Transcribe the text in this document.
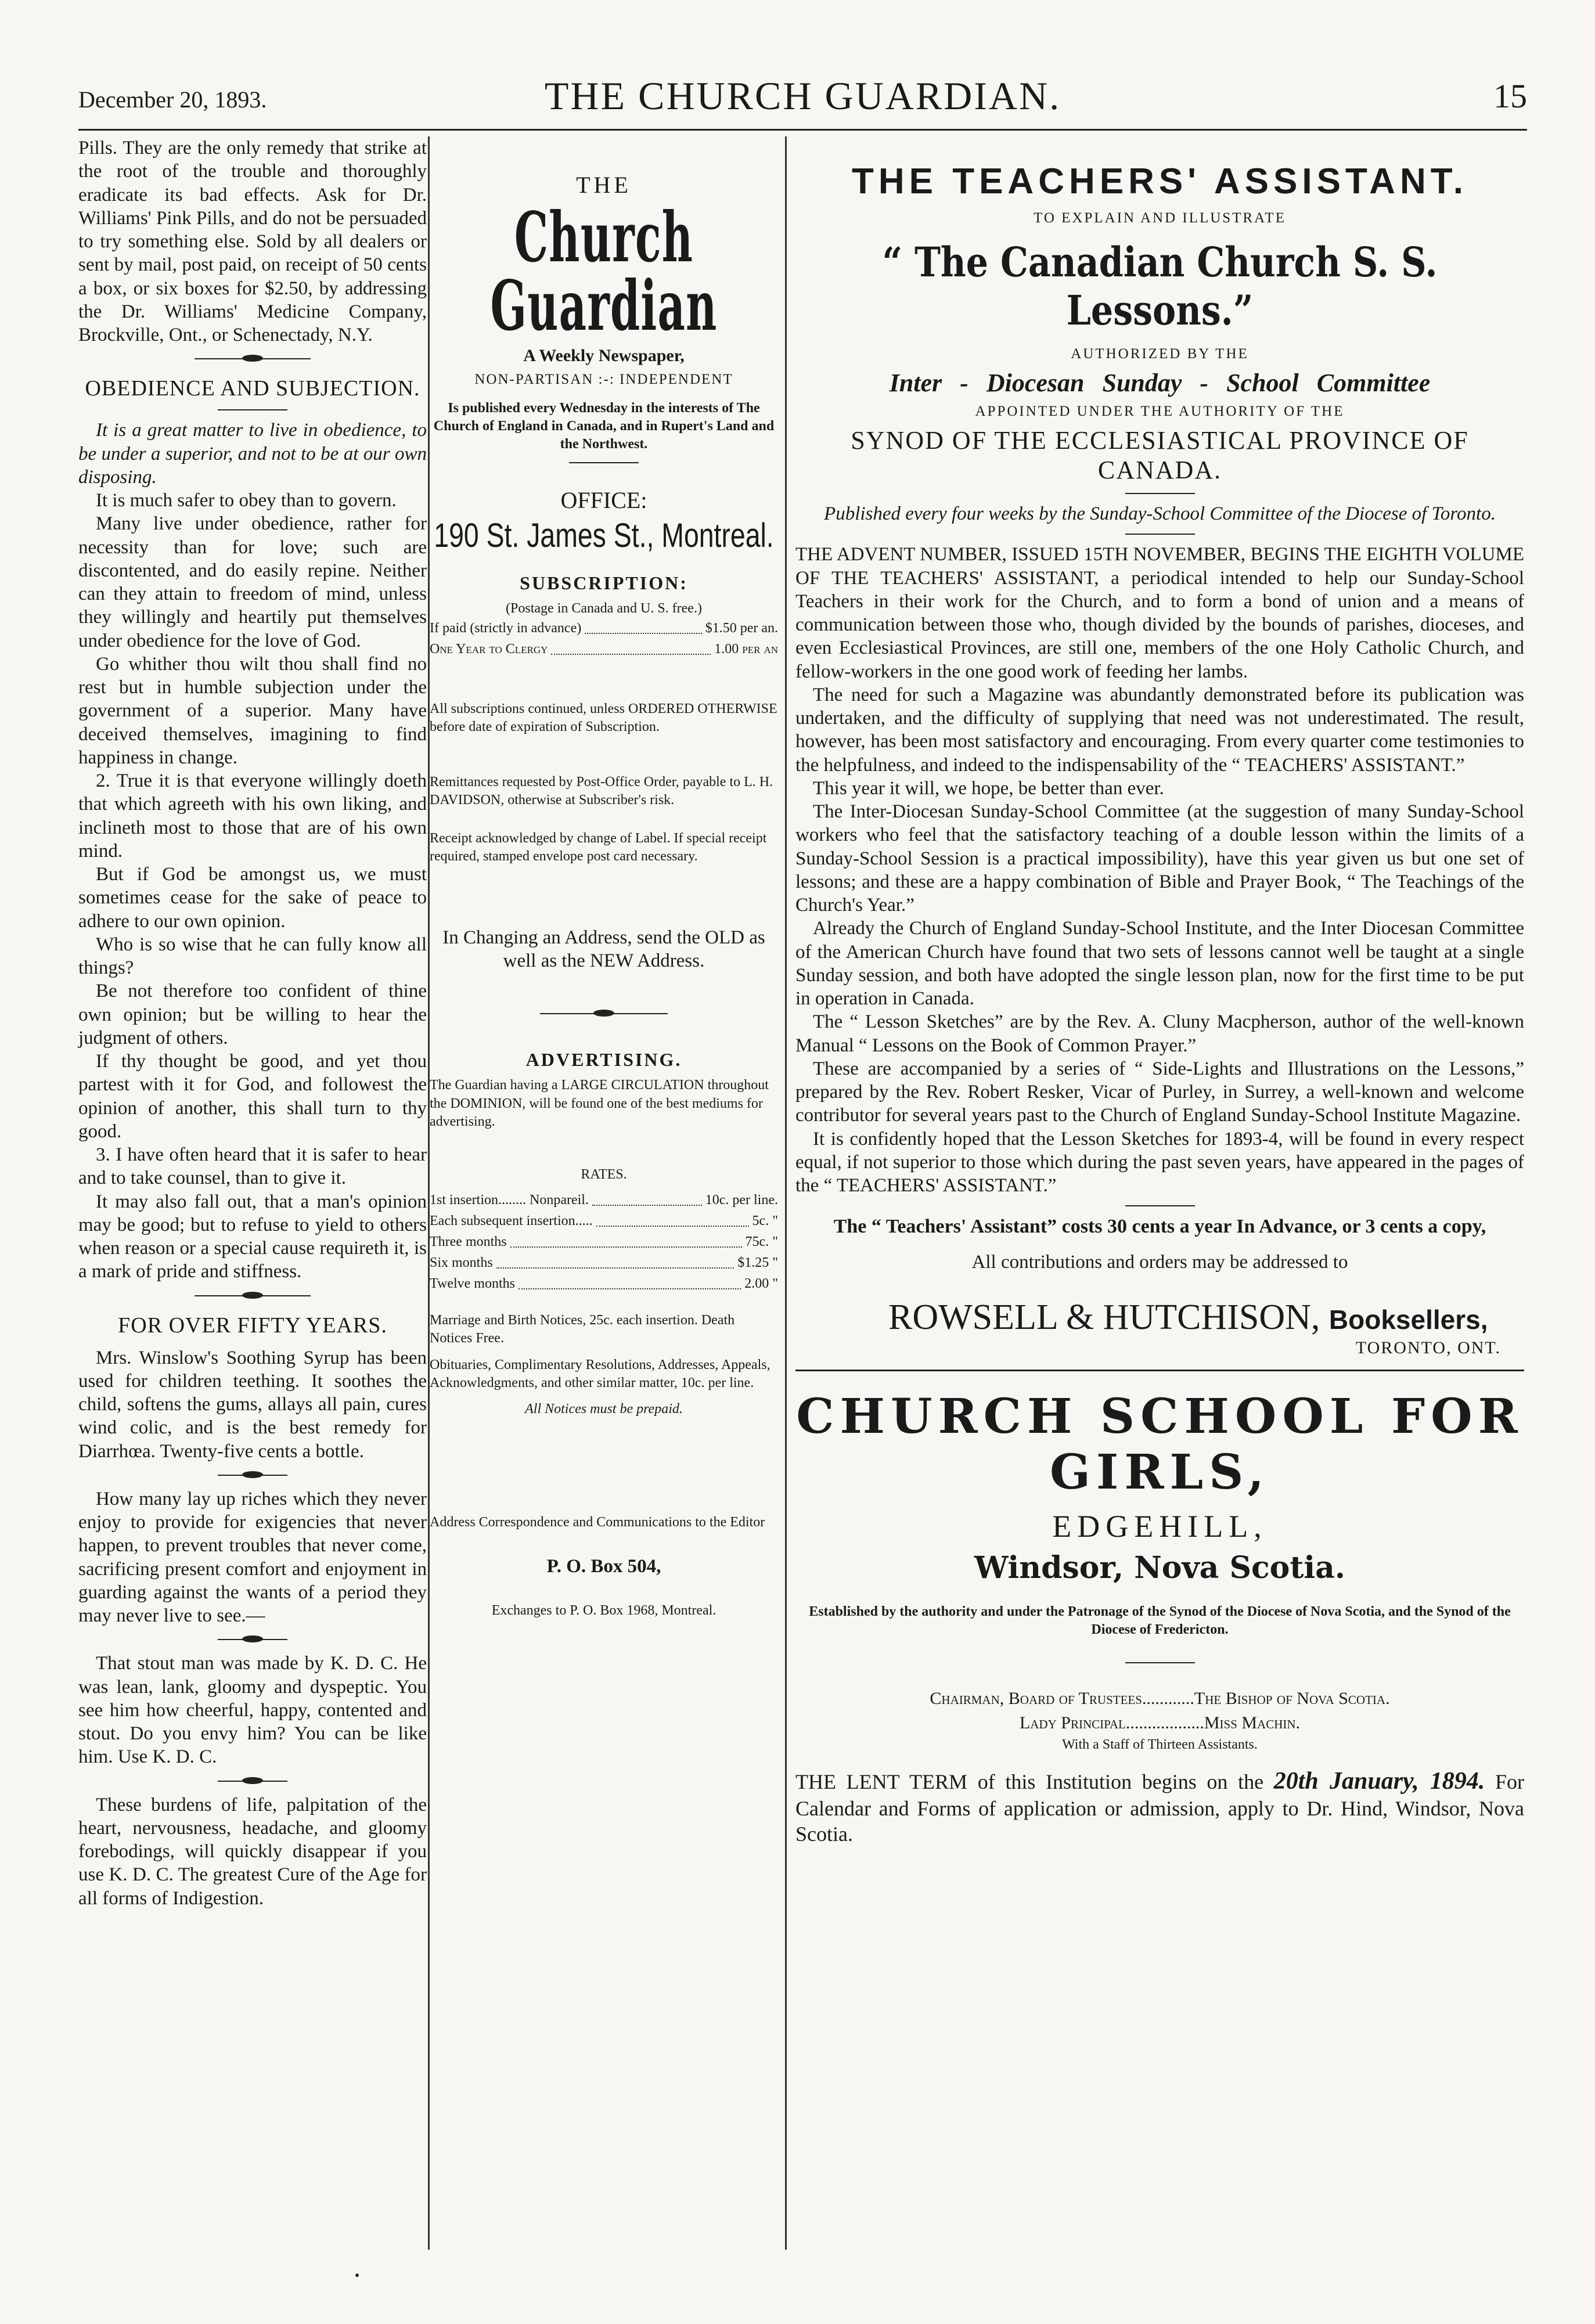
December 20, 1893.	THE CHURCH GUARDIAN.	15

Pills. They are the only remedy that strike at the root of the trouble and thoroughly eradicate its bad effects. Ask for Dr. Williams' Pink Pills, and do not be persuaded to try something else. Sold by all dealers or sent by mail, post paid, on receipt of 50 cents a box, or six boxes for $2.50, by addressing the Dr. Williams' Medicine Company, Brockville, Ont., or Schenectady, N.Y.

OBEDIENCE AND SUBJECTION.

It is a great matter to live in obedience, to be under a superior, and not to be at our own disposing.

It is much safer to obey than to govern.

Many live under obedience, rather for necessity than for love; such are discontented, and do easily repine. Neither can they attain to freedom of mind, unless they willingly and heartily put themselves under obedience for the love of God.

Go whither thou wilt thou shall find no rest but in humble subjection under the government of a superior. Many have deceived themselves, imagining to find happiness in change.

2. True it is that everyone willingly doeth that which agreeth with his own liking, and inclineth most to those that are of his own mind.

But if God be amongst us, we must sometimes cease for the sake of peace to adhere to our own opinion.

Who is so wise that he can fully know all things?

Be not therefore too confident of thine own opinion; but be willing to hear the judgment of others.

If thy thought be good, and yet thou partest with it for God, and followest the opinion of another, this shall turn to thy good.

3. I have often heard that it is safer to hear and to take counsel, than to give it.

It may also fall out, that a man's opinion may be good; but to refuse to yield to others when reason or a special cause requireth it, is a mark of pride and stiffness.

FOR OVER FIFTY YEARS.

Mrs. Winslow's Soothing Syrup has been used for children teething. It soothes the child, softens the gums, allays all pain, cures wind colic, and is the best remedy for Diarrhœa. Twenty-five cents a bottle.

How many lay up riches which they never enjoy to provide for exigencies that never happen, to prevent troubles that never come, sacrificing present comfort and enjoyment in guarding against the wants of a period they may never live to see.—

That stout man was made by K. D. C. He was lean, lank, gloomy and dyspeptic. You see him how cheerful, happy, contented and stout. Do you envy him? You can be like him. Use K. D. C.

These burdens of life, palpitation of the heart, nervousness, headache, and gloomy forebodings, will quickly disappear if you use K. D. C. The greatest Cure of the Age for all forms of Indigestion.

THE
Church Guardian
A Weekly Newspaper,
NON-PARTISAN :-: INDEPENDENT
Is published every Wednesday in the interests of The Church of England in Canada, and in Rupert's Land and the Northwest.
OFFICE:
190 St. James St., Montreal.
SUBSCRIPTION:
(Postage in Canada and U. S. free.)
If paid (strictly in advance)	$1.50 per an.
One Year to Clergy	1.00 per an

All subscriptions continued, unless ORDERED OTHERWISE before date of expiration of Subscription.

Remittances requested by Post-Office Order, payable to L. H. DAVIDSON, otherwise at Subscriber's risk.

Receipt acknowledged by change of Label. If special receipt required, stamped envelope post card necessary.

In Changing an Address, send the OLD as well as the NEW Address.

ADVERTISING.

The Guardian having a LARGE CIRCULATION throughout the DOMINION, will be found one of the best mediums for advertising.

RATES.
1st insertion........ Nonpareil.	10c. per line.
Each subsequent insertion.....	5c. "
Three months	75c. "
Six months	$1.25 "
Twelve months	2.00 "

Marriage and Birth Notices, 25c. each insertion. Death Notices Free.

Obituaries, Complimentary Resolutions, Addresses, Appeals, Acknowledgments, and other similar matter, 10c. per line.

All Notices must be prepaid.

Address Correspondence and Communications to the Editor

P. O. Box 504,

Exchanges to P. O. Box 1968, Montreal.

THE TEACHERS' ASSISTANT.
TO EXPLAIN AND ILLUSTRATE
“ The Canadian Church S. S. Lessons.”
AUTHORIZED BY THE
Inter - Diocesan Sunday - School Committee
APPOINTED UNDER THE AUTHORITY OF THE
SYNOD OF THE ECCLESIASTICAL PROVINCE OF CANADA.

Published every four weeks by the Sunday-School Committee of the Diocese of Toronto.

THE ADVENT NUMBER, ISSUED 15TH NOVEMBER, BEGINS THE EIGHTH VOLUME OF THE TEACHERS' ASSISTANT, a periodical intended to help our Sunday-School Teachers in their work for the Church, and to form a bond of union and a means of communication between those who, though divided by the bounds of parishes, dioceses, and even Ecclesiastical Provinces, are still one, members of the one Holy Catholic Church, and fellow-workers in the one good work of feeding her lambs.

The need for such a Magazine was abundantly demonstrated before its publication was undertaken, and the difficulty of supplying that need was not underestimated. The result, however, has been most satisfactory and encouraging. From every quarter come testimonies to the helpfulness, and indeed to the indispensability of the “ TEACHERS' ASSISTANT.”

This year it will, we hope, be better than ever.

The Inter-Diocesan Sunday-School Committee (at the suggestion of many Sunday-School workers who feel that the satisfactory teaching of a double lesson within the limits of a Sunday-School Session is a practical impossibility), have this year given us but one set of lessons; and these are a happy combination of Bible and Prayer Book, “ The Teachings of the Church's Year.”

Already the Church of England Sunday-School Institute, and the Inter Diocesan Committee of the American Church have found that two sets of lessons cannot well be taught at a single Sunday session, and both have adopted the single lesson plan, now for the first time to be put in operation in Canada.

The “ Lesson Sketches” are by the Rev. A. Cluny Macpherson, author of the well-known Manual “ Lessons on the Book of Common Prayer.”

These are accompanied by a series of “ Side-Lights and Illustrations on the Lessons,” prepared by the Rev. Robert Resker, Vicar of Purley, in Surrey, a well-known and welcome contributor for several years past to the Church of England Sunday-School Institute Magazine.

It is confidently hoped that the Lesson Sketches for 1893-4, will be found in every respect equal, if not superior to those which during the past seven years, have appeared in the pages of the “ TEACHERS' ASSISTANT.”

The “ Teachers' Assistant” costs 30 cents a year In Advance, or 3 cents a copy,

All contributions and orders may be addressed to

ROWSELL & HUTCHISON, Booksellers,
TORONTO, ONT.
CHURCH SCHOOL FOR GIRLS,
EDGEHILL,
Windsor, Nova Scotia.

Established by the authority and under the Patronage of the Synod of the Diocese of Nova Scotia, and the Synod of the Diocese of Fredericton.

Chairman, Board of Trustees............The Bishop of Nova Scotia.
Lady Principal..................Miss Machin.
With a Staff of Thirteen Assistants.

THE LENT TERM of this Institution begins on the 20th January, 1894. For Calendar and Forms of application or admission, apply to Dr. Hind, Windsor, Nova Scotia.
